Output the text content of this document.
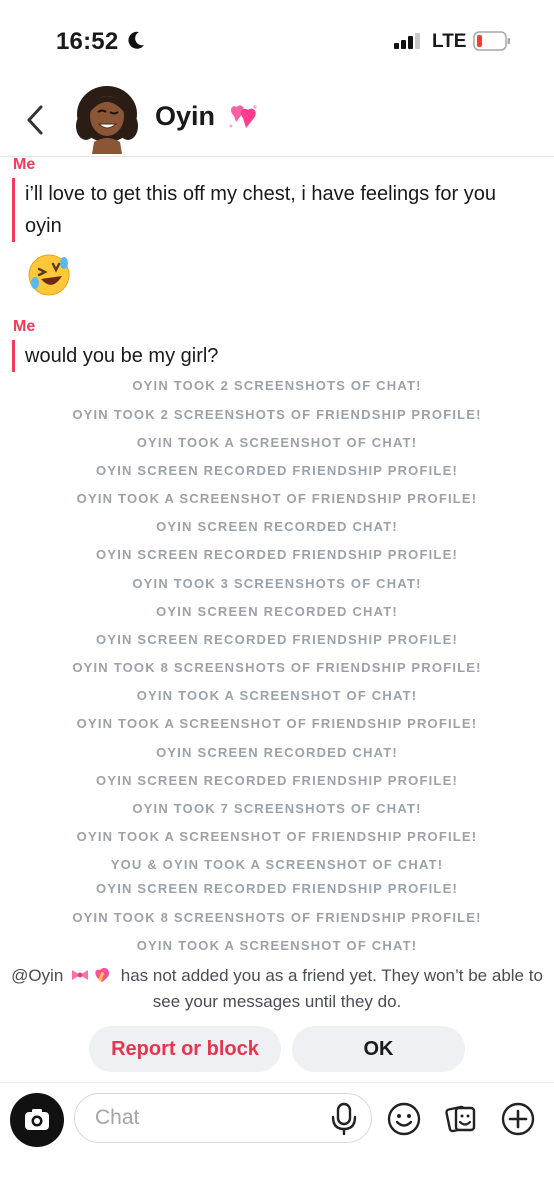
16:52	LTE
Oyin
Me
i’ll love to get this off my chest, i have feelings for you oyin
Me
would you be my girl?
OYIN TOOK 2 SCREENSHOTS OF CHAT!
OYIN TOOK 2 SCREENSHOTS OF FRIENDSHIP PROFILE!
OYIN TOOK A SCREENSHOT OF CHAT!
OYIN SCREEN RECORDED FRIENDSHIP PROFILE!
OYIN TOOK A SCREENSHOT OF FRIENDSHIP PROFILE!
OYIN SCREEN RECORDED CHAT!
OYIN SCREEN RECORDED FRIENDSHIP PROFILE!
OYIN TOOK 3 SCREENSHOTS OF CHAT!
OYIN SCREEN RECORDED CHAT!
OYIN SCREEN RECORDED FRIENDSHIP PROFILE!
OYIN TOOK 8 SCREENSHOTS OF FRIENDSHIP PROFILE!
OYIN TOOK A SCREENSHOT OF CHAT!
OYIN TOOK A SCREENSHOT OF FRIENDSHIP PROFILE!
OYIN SCREEN RECORDED CHAT!
OYIN SCREEN RECORDED FRIENDSHIP PROFILE!
OYIN TOOK 7 SCREENSHOTS OF CHAT!
OYIN TOOK A SCREENSHOT OF FRIENDSHIP PROFILE!
YOU & OYIN TOOK A SCREENSHOT OF CHAT!
OYIN SCREEN RECORDED FRIENDSHIP PROFILE!
OYIN TOOK 8 SCREENSHOTS OF FRIENDSHIP PROFILE!
OYIN TOOK A SCREENSHOT OF CHAT!
@Oyin	has not added you as a friend yet. They won’t be able to
see your messages until they do.
Report or block	OK
Chat
